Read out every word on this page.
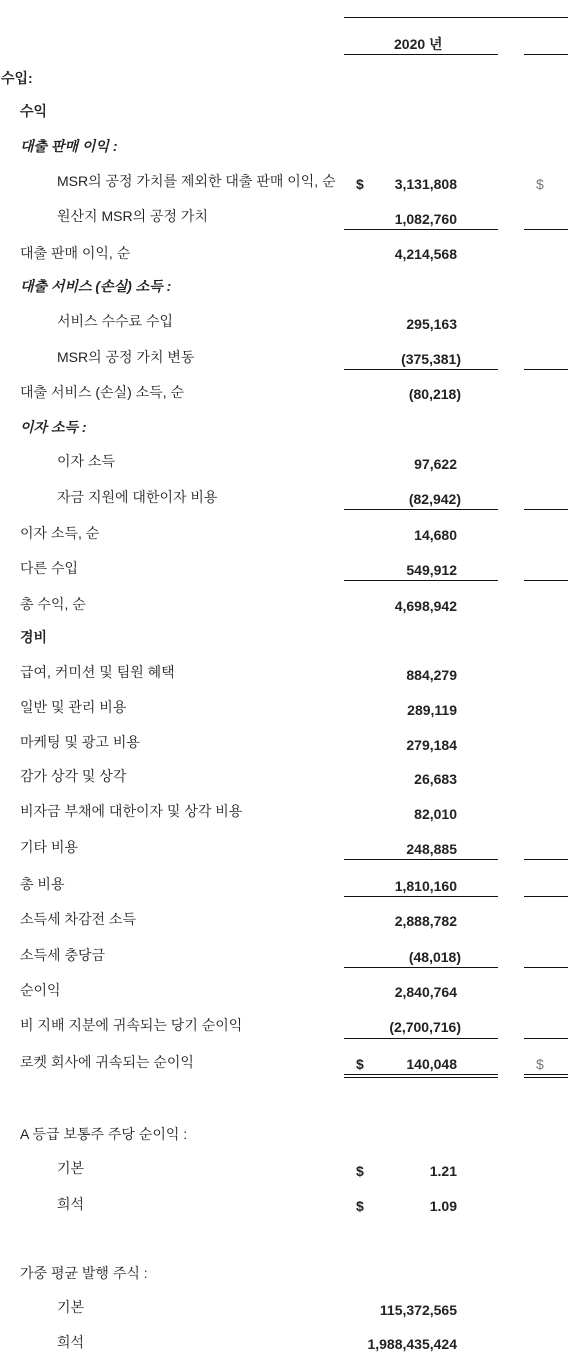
2020 년
수입:
수익
대출 판매 이익 :
MSR의 공정 가치를 제외한 대출 판매 이익, 순 $	3,131,808	$
원산지 MSR의 공정 가치	1,082,760
대출 판매 이익, 순	4,214,568
대출 서비스 (손실) 소득 :
서비스 수수료 수입	295,163
MSR의 공정 가치 변동	(375,381)
대출 서비스 (손실) 소득, 순	(80,218)
이자 소득 :
이자 소득	97,622
자금 지원에 대한이자 비용	(82,942)
이자 소득, 순	14,680
다른 수입	549,912
총 수익, 순	4,698,942
경비
급여, 커미션 및 팀원 혜택	884,279
일반 및 관리 비용	289,119
마케팅 및 광고 비용	279,184
감가 상각 및 상각	26,683
비자금 부채에 대한이자 및 상각 비용	82,010
기타 비용	248,885
총 비용	1,810,160
소득세 차감전 소득	2,888,782
소득세 충당금	(48,018)
순이익	2,840,764
비 지배 지분에 귀속되는 당기 순이익	(2,700,716)
로켓 회사에 귀속되는 순이익	$	140,048	$
A 등급 보통주 주당 순이익 :
기본	$	1.21
희석	$	1.09
가중 평균 발행 주식 :
기본	115,372,565
희석	1,988,435,424
